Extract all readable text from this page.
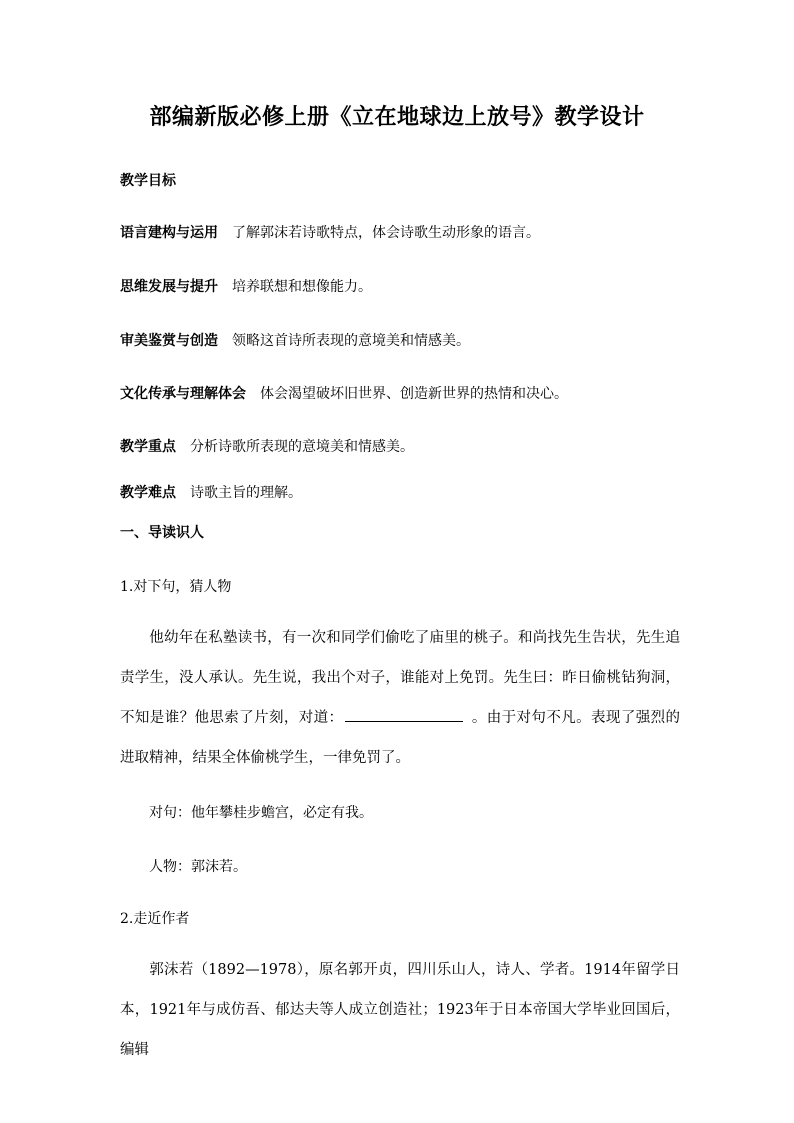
部编新版必修上册《立在地球边上放号》教学设计
教学目标
语言建构与运用 了解郭沫若诗歌特点，体会诗歌生动形象的语言。
思维发展与提升 培养联想和想像能力。
审美鉴赏与创造 领略这首诗所表现的意境美和情感美。
文化传承与理解体会 体会渴望破坏旧世界、创造新世界的热情和决心。
教学重点 分析诗歌所表现的意境美和情感美。
教学难点 诗歌主旨的理解。
一、导读识人
1.对下句，猜人物
他幼年在私塾读书，有一次和同学们偷吃了庙里的桃子。和尚找先生告状，先生追责学生，没人承认。先生说，我出个对子，谁能对上免罚。先生曰：昨日偷桃钻狗洞，不知是谁？他思索了片刻，对道：	。由于对句不凡。表现了强烈的进取精神，结果全体偷桃学生，一律免罚了。
对句：他年攀桂步蟾宫，必定有我。
人物：郭沫若。
2.走近作者
郭沫若（1892—1978），原名郭开贞，四川乐山人，诗人、学者。1914年留学日本，1921年与成仿吾、郁达夫等人成立创造社；1923年于日本帝国大学毕业回国后，编辑
